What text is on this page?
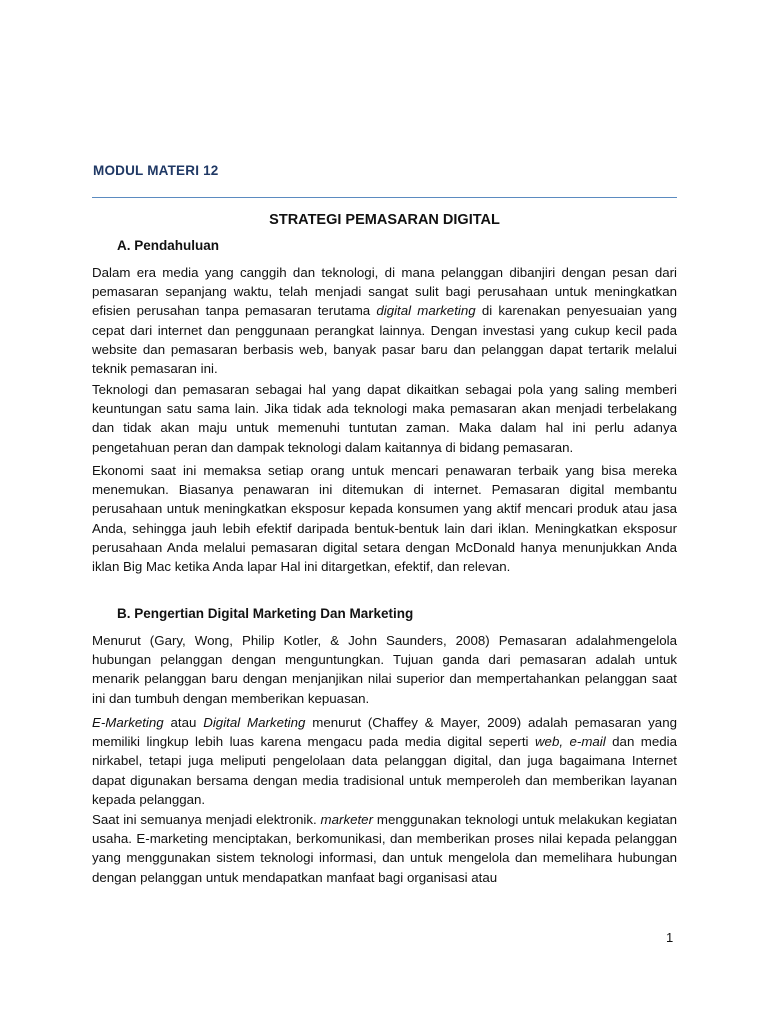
MODUL MATERI 12
STRATEGI PEMASARAN DIGITAL
A. Pendahuluan

Dalam era media yang canggih dan teknologi, di mana pelanggan dibanjiri dengan pesan dari pemasaran sepanjang waktu, telah menjadi sangat sulit bagi perusahaan untuk meningkatkan efisien perusahan tanpa pemasaran terutama digital marketing di karenakan penyesuaian yang cepat dari internet dan penggunaan perangkat lainnya. Dengan investasi yang cukup kecil pada website dan pemasaran berbasis web, banyak pasar baru dan pelanggan dapat tertarik melalui teknik pemasaran ini.

Teknologi dan pemasaran sebagai hal yang dapat dikaitkan sebagai pola yang saling memberi keuntungan satu sama lain. Jika tidak ada teknologi maka pemasaran akan menjadi terbelakang dan tidak akan maju untuk memenuhi tuntutan zaman. Maka dalam hal ini perlu adanya pengetahuan peran dan dampak teknologi dalam kaitannya di bidang pemasaran.

Ekonomi saat ini memaksa setiap orang untuk mencari penawaran terbaik yang bisa mereka menemukan. Biasanya penawaran ini ditemukan di internet. Pemasaran digital membantu perusahaan untuk meningkatkan eksposur kepada konsumen yang aktif mencari produk atau jasa Anda, sehingga jauh lebih efektif daripada bentuk-bentuk lain dari iklan. Meningkatkan eksposur perusahaan Anda melalui pemasaran digital setara dengan McDonald hanya menunjukkan Anda iklan Big Mac ketika Anda lapar Hal ini ditargetkan, efektif, dan relevan.

B. Pengertian Digital Marketing Dan Marketing

Menurut (Gary, Wong, Philip Kotler, & John Saunders, 2008) Pemasaran adalahmengelola hubungan pelanggan dengan menguntungkan. Tujuan ganda dari pemasaran adalah untuk menarik pelanggan baru dengan menjanjikan nilai superior dan mempertahankan pelanggan saat ini dan tumbuh dengan memberikan kepuasan.

E-Marketing atau Digital Marketing menurut (Chaffey & Mayer, 2009) adalah pemasaran yang memiliki lingkup lebih luas karena mengacu pada media digital seperti web, e-mail dan media nirkabel, tetapi juga meliputi pengelolaan data pelanggan digital, dan juga bagaimana Internet dapat digunakan bersama dengan media tradisional untuk memperoleh dan memberikan layanan kepada pelanggan.

Saat ini semuanya menjadi elektronik. marketer menggunakan teknologi untuk melakukan kegiatan usaha. E-marketing menciptakan, berkomunikasi, dan memberikan proses nilai kepada pelanggan yang menggunakan sistem teknologi informasi, dan untuk mengelola dan memelihara hubungan dengan pelanggan untuk mendapatkan manfaat bagi organisasi atau

1
